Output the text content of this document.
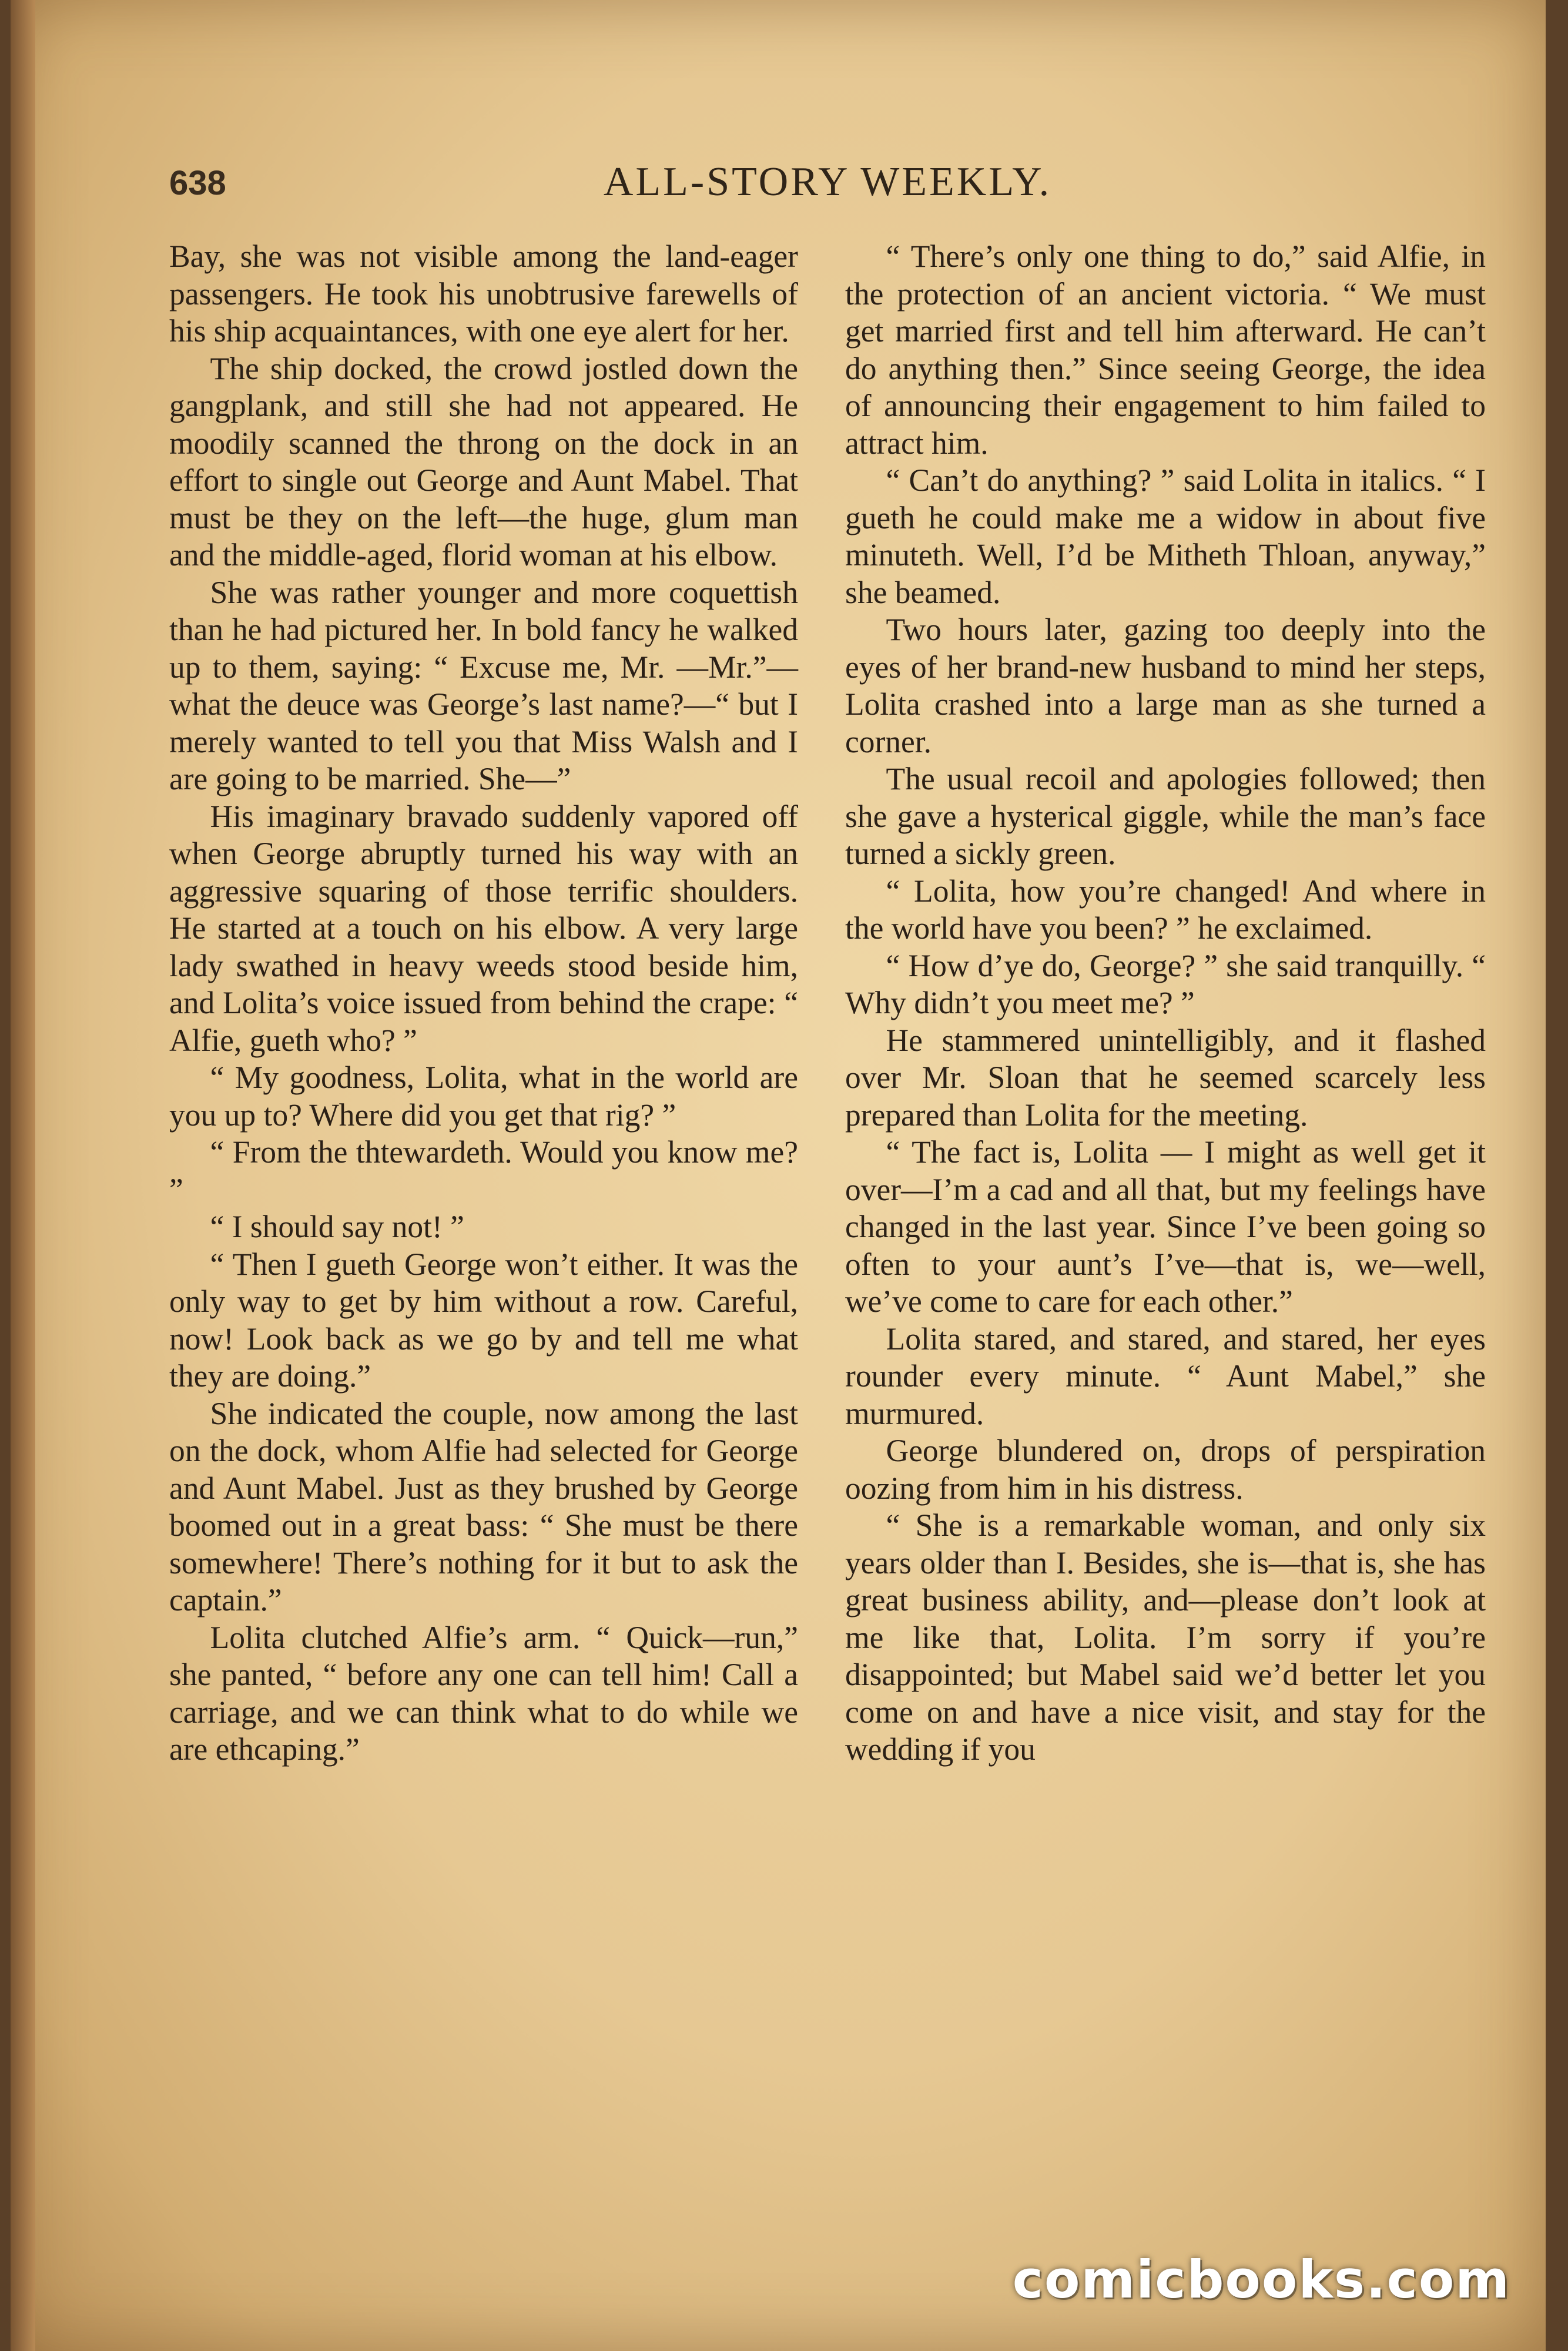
638	ALL-STORY WEEKLY.

Bay, she was not visible among the land-eager passengers. He took his unobtrusive farewells of his ship acquaintances, with one eye alert for her.

The ship docked, the crowd jostled down the gangplank, and still she had not appeared. He moodily scanned the throng on the dock in an effort to single out George and Aunt Mabel. That must be they on the left—the huge, glum man and the middle-aged, florid woman at his elbow.

She was rather younger and more coquettish than he had pictured her. In bold fancy he walked up to them, saying: “ Excuse me, Mr. —Mr.”—what the deuce was George’s last name?—“ but I merely wanted to tell you that Miss Walsh and I are going to be married. She—”

His imaginary bravado suddenly vapored off when George abruptly turned his way with an aggressive squaring of those terrific shoulders. He started at a touch on his elbow. A very large lady swathed in heavy weeds stood beside him, and Lolita’s voice issued from behind the crape: “ Alfie, gueth who? ”

“ My goodness, Lolita, what in the world are you up to? Where did you get that rig? ”

“ From the thtewardeth. Would you know me? ”

“ I should say not! ”

“ Then I gueth George won’t either. It was the only way to get by him without a row. Careful, now! Look back as we go by and tell me what they are doing.”

She indicated the couple, now among the last on the dock, whom Alfie had selected for George and Aunt Mabel. Just as they brushed by George boomed out in a great bass: “ She must be there somewhere! There’s nothing for it but to ask the captain.”

Lolita clutched Alfie’s arm. “ Quick—run,” she panted, “ before any one can tell him! Call a carriage, and we can think what to do while we are ethcaping.”

“ There’s only one thing to do,” said Alfie, in the protection of an ancient victoria. “ We must get married first and tell him afterward. He can’t do anything then.” Since seeing George, the idea of announcing their engagement to him failed to attract him.

“ Can’t do anything? ” said Lolita in italics. “ I gueth he could make me a widow in about five minuteth. Well, I’d be Mitheth Thloan, anyway,” she beamed.

Two hours later, gazing too deeply into the eyes of her brand-new husband to mind her steps, Lolita crashed into a large man as she turned a corner.

The usual recoil and apologies followed; then she gave a hysterical giggle, while the man’s face turned a sickly green.

“ Lolita, how you’re changed! And where in the world have you been? ” he exclaimed.

“ How d’ye do, George? ” she said tranquilly. “ Why didn’t you meet me? ”

He stammered unintelligibly, and it flashed over Mr. Sloan that he seemed scarcely less prepared than Lolita for the meeting.

“ The fact is, Lolita — I might as well get it over—I’m a cad and all that, but my feelings have changed in the last year. Since I’ve been going so often to your aunt’s I’ve—that is, we—well, we’ve come to care for each other.”

Lolita stared, and stared, and stared, her eyes rounder every minute. “ Aunt Mabel,” she murmured.

George blundered on, drops of perspiration oozing from him in his distress.

“ She is a remarkable woman, and only six years older than I. Besides, she is—that is, she has great business ability, and—please don’t look at me like that, Lolita. I’m sorry if you’re disappointed; but Mabel said we’d better let you come on and have a nice visit, and stay for the wedding if you

comicbooks.com
